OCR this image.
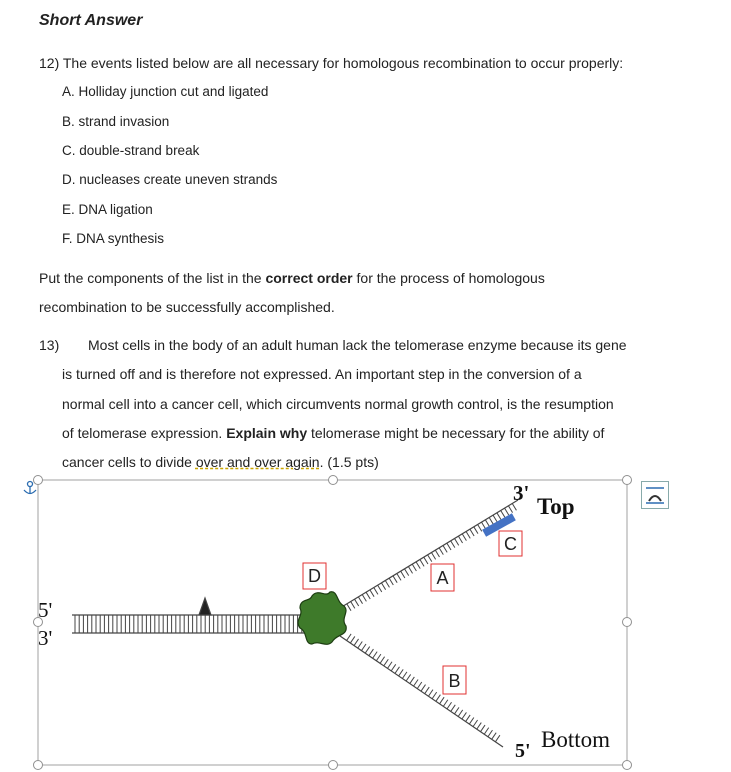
Short Answer
12) The events listed below are all necessary for homologous recombination to occur properly:
A. Holliday junction cut and ligated
B. strand invasion
C. double-strand break
D. nucleases create uneven strands
E. DNA ligation
F. DNA synthesis
Put the components of the list in the correct order for the process of homologous
recombination to be successfully accomplished.
13) Most cells in the body of an adult human lack the telomerase enzyme because its gene
is turned off and is therefore not expressed. An important step in the conversion of a
normal cell into a cancer cell, which circumvents normal growth control, is the resumption
of telomerase expression. Explain why telomerase might be necessary for the ability of
cancer cells to divide over and over again. (1.5 pts)
D	A
C
B
5'
3'
3'
Top
5' Bottom
